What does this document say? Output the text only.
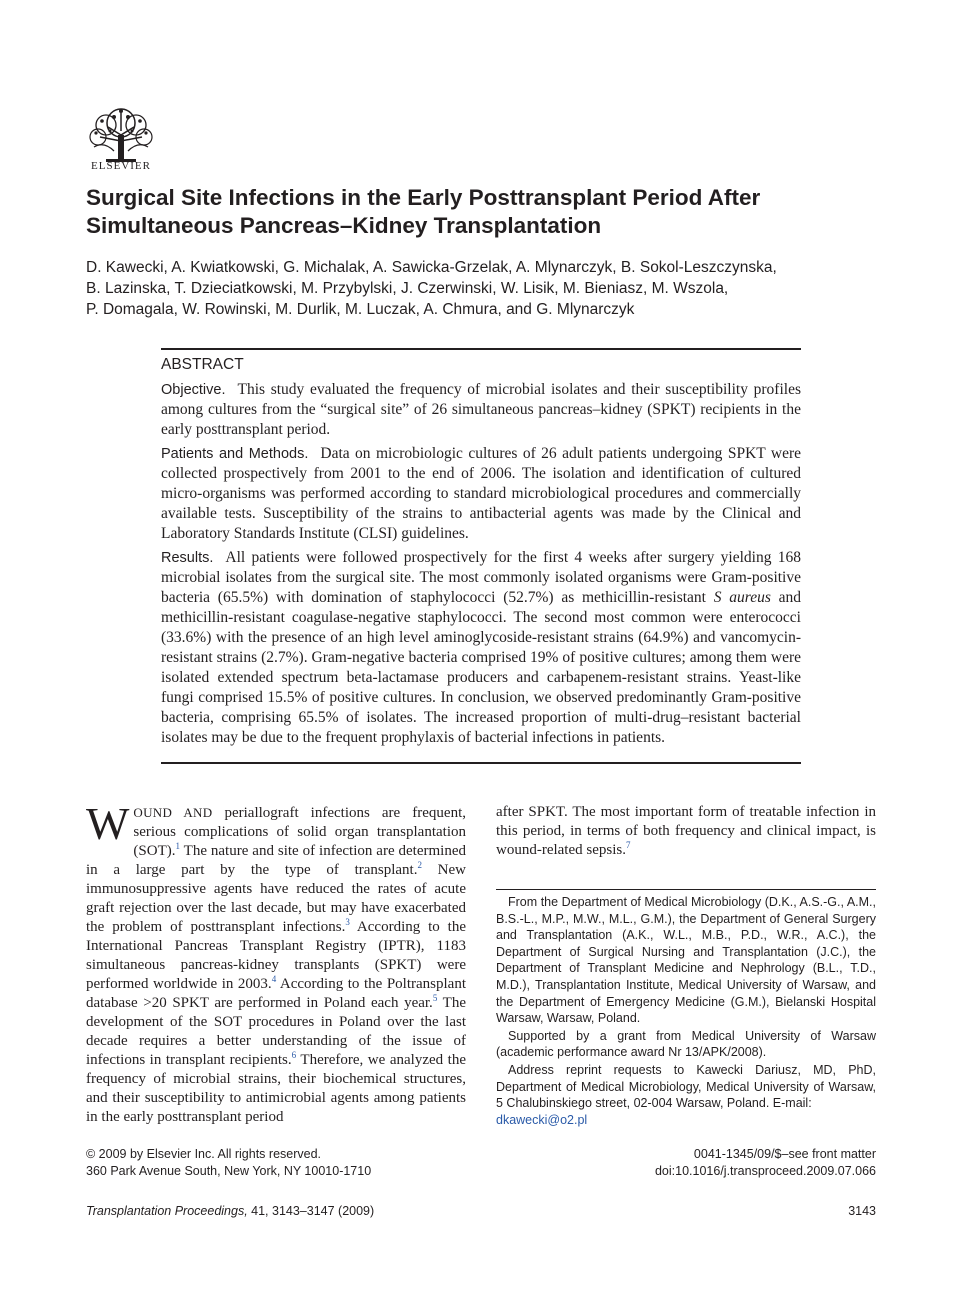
ELSEVIER
Surgical Site Infections in the Early Posttransplant Period After
Simultaneous Pancreas–Kidney Transplantation

D. Kawecki, A. Kwiatkowski, G. Michalak, A. Sawicka-Grzelak, A. Mlynarczyk, B. Sokol-Leszczynska,
B. Lazinska, T. Dzieciatkowski, M. Przybylski, J. Czerwinski, W. Lisik, M. Bieniasz, M. Wszola,
P. Domagala, W. Rowinski, M. Durlik, M. Luczak, A. Chmura, and G. Mlynarczyk

ABSTRACT

Objective. This study evaluated the frequency of microbial isolates and their susceptibility profiles among cultures from the “surgical site” of 26 simultaneous pancreas–kidney (SPKT) recipients in the early posttransplant period.

Patients and Methods. Data on microbiologic cultures of 26 adult patients undergoing SPKT were collected prospectively from 2001 to the end of 2006. The isolation and identification of cultured micro-organisms was performed according to standard microbiological procedures and commercially available tests. Susceptibility of the strains to antibacterial agents was made by the Clinical and Laboratory Standards Institute (CLSI) guidelines.

Results. All patients were followed prospectively for the first 4 weeks after surgery yielding 168 microbial isolates from the surgical site. The most commonly isolated organisms were Gram-positive bacteria (65.5%) with domination of staphylococci (52.7%) as methicillin-resistant S aureus and methicillin-resistant coagulase-negative staphylococci. The second most common were enterococci (33.6%) with the presence of an high level aminoglycoside-resistant strains (64.9%) and vancomycin-resistant strains (2.7%). Gram-negative bacteria comprised 19% of positive cultures; among them were isolated extended spectrum beta-lactamase producers and carbapenem-resistant strains. Yeast-like fungi comprised 15.5% of positive cultures. In conclusion, we observed predominantly Gram-positive bacteria, comprising 65.5% of isolates. The increased proportion of multi-drug–resistant bacterial isolates may be due to the frequent prophylaxis of bacterial infections in patients.

WOUND AND periallograft infections are frequent, serious complications of solid organ transplantation (SOT).$^1$ The nature and site of infection are determined in a large part by the type of transplant.$^2$ New immunosuppressive agents have reduced the rates of acute graft rejection over the last decade, but may have exacerbated the problem of posttransplant infections.$^3$ According to the International Pancreas Transplant Registry (IPTR), 1183 simultaneous pancreas-kidney transplants (SPKT) were performed worldwide in 2003.$^4$ According to the Poltransplant database >20 SPKT are performed in Poland each year.$^5$ The development of the SOT procedures in Poland over the last decade requires a better understanding of the issue of infections in transplant recipients.$^6$ Therefore, we analyzed the frequency of microbial strains, their biochemical structures, and their susceptibility to antimicrobial agents among patients in the early posttransplant period

after SPKT. The most important form of treatable infection in this period, in terms of both frequency and clinical impact, is wound-related sepsis.$^7$

From the Department of Medical Microbiology (D.K., A.S.-G., A.M., B.S.-L., M.P., M.W., M.L., G.M.), the Department of General Surgery and Transplantation (A.K., W.L., M.B., P.D., W.R., A.C.), the Department of Surgical Nursing and Transplantation (J.C.), the Department of Transplant Medicine and Nephrology (B.L., T.D., M.D.), Transplantation Institute, Medical University of Warsaw, and the Department of Emergency Medicine (G.M.), Bielanski Hospital Warsaw, Warsaw, Poland.

Supported by a grant from Medical University of Warsaw (academic performance award Nr 13/APK/2008).

Address reprint requests to Kawecki Dariusz, MD, PhD, Department of Medical Microbiology, Medical University of Warsaw, 5 Chalubinskiego street, 02-004 Warsaw, Poland. E-mail:
dkawecki@o2.pl

© 2009 by Elsevier Inc. All rights reserved.
360 Park Avenue South, New York, NY 10010-1710
0041-1345/09/$–see front matter
doi:10.1016/j.transproceed.2009.07.066
Transplantation Proceedings, 41, 3143–3147 (2009)	3143
